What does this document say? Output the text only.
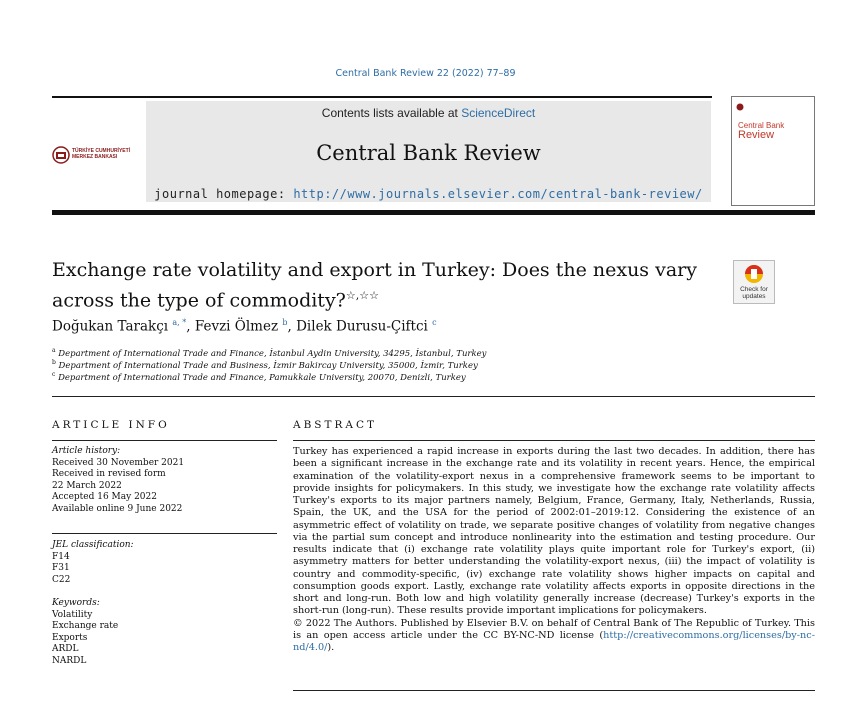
Central Bank Review 22 (2022) 77–89
TÜRKİYE CUMHURİYETİ
MERKEZ BANKASI
Contents lists available at ScienceDirect
Central Bank Review
journal homepage: http://www.journals.elsevier.com/central-bank-review/
Central Bank
Review
Exchange rate volatility and export in Turkey: Does the nexus vary
across the type of commodity?☆,☆☆	Check for updates
Doğukan Tarakçı $^{a, *}$, Fevzi Ölmez $^b$, Dilek Durusu-Çiftci $^c$
$^a$ Department of International Trade and Finance, İstanbul Aydin University, 34295, İstanbul, Turkey
$^b$ Department of International Trade and Business, İzmir Bakircay University, 35000, İzmir, Turkey
$^c$ Department of International Trade and Finance, Pamukkale University, 20070, Denizli, Turkey
ARTICLE INFO
Article history:
Received 30 November 2021
Received in revised form
22 March 2022
Accepted 16 May 2022
Available online 9 June 2022
JEL classification:
F14
F31
C22
Keywords:
Volatility
Exchange rate
Exports
ARDL
NARDL
ABSTRACT
Turkey has experienced a rapid increase in exports during the last two decades. In addition, there has been a significant increase in the exchange rate and its volatility in recent years. Hence, the empirical examination of the volatility-export nexus in a comprehensive framework seems to be important to provide insights for policymakers. In this study, we investigate how the exchange rate volatility affects Turkey's exports to its major partners namely, Belgium, France, Germany, Italy, Netherlands, Russia, Spain, the UK, and the USA for the period of 2002:01–2019:12. Considering the existence of an asymmetric effect of volatility on trade, we separate positive changes of volatility from negative changes via the partial sum concept and introduce nonlinearity into the estimation and testing procedure. Our results indicate that (i) exchange rate volatility plays quite important role for Turkey's export, (ii) asymmetry matters for better understanding the volatility-export nexus, (iii) the impact of volatility is country and commodity-specific, (iv) exchange rate volatility shows higher impacts on capital and consumption goods export. Lastly, exchange rate volatility affects exports in opposite directions in the short and long-run. Both low and high volatility generally increase (decrease) Turkey's exports in the short-run (long-run). These results provide important implications for policymakers.
© 2022 The Authors. Published by Elsevier B.V. on behalf of Central Bank of The Republic of Turkey. This is an open access article under the CC BY-NC-ND license (http://creativecommons.org/licenses/by-nc-nd/4.0/).
